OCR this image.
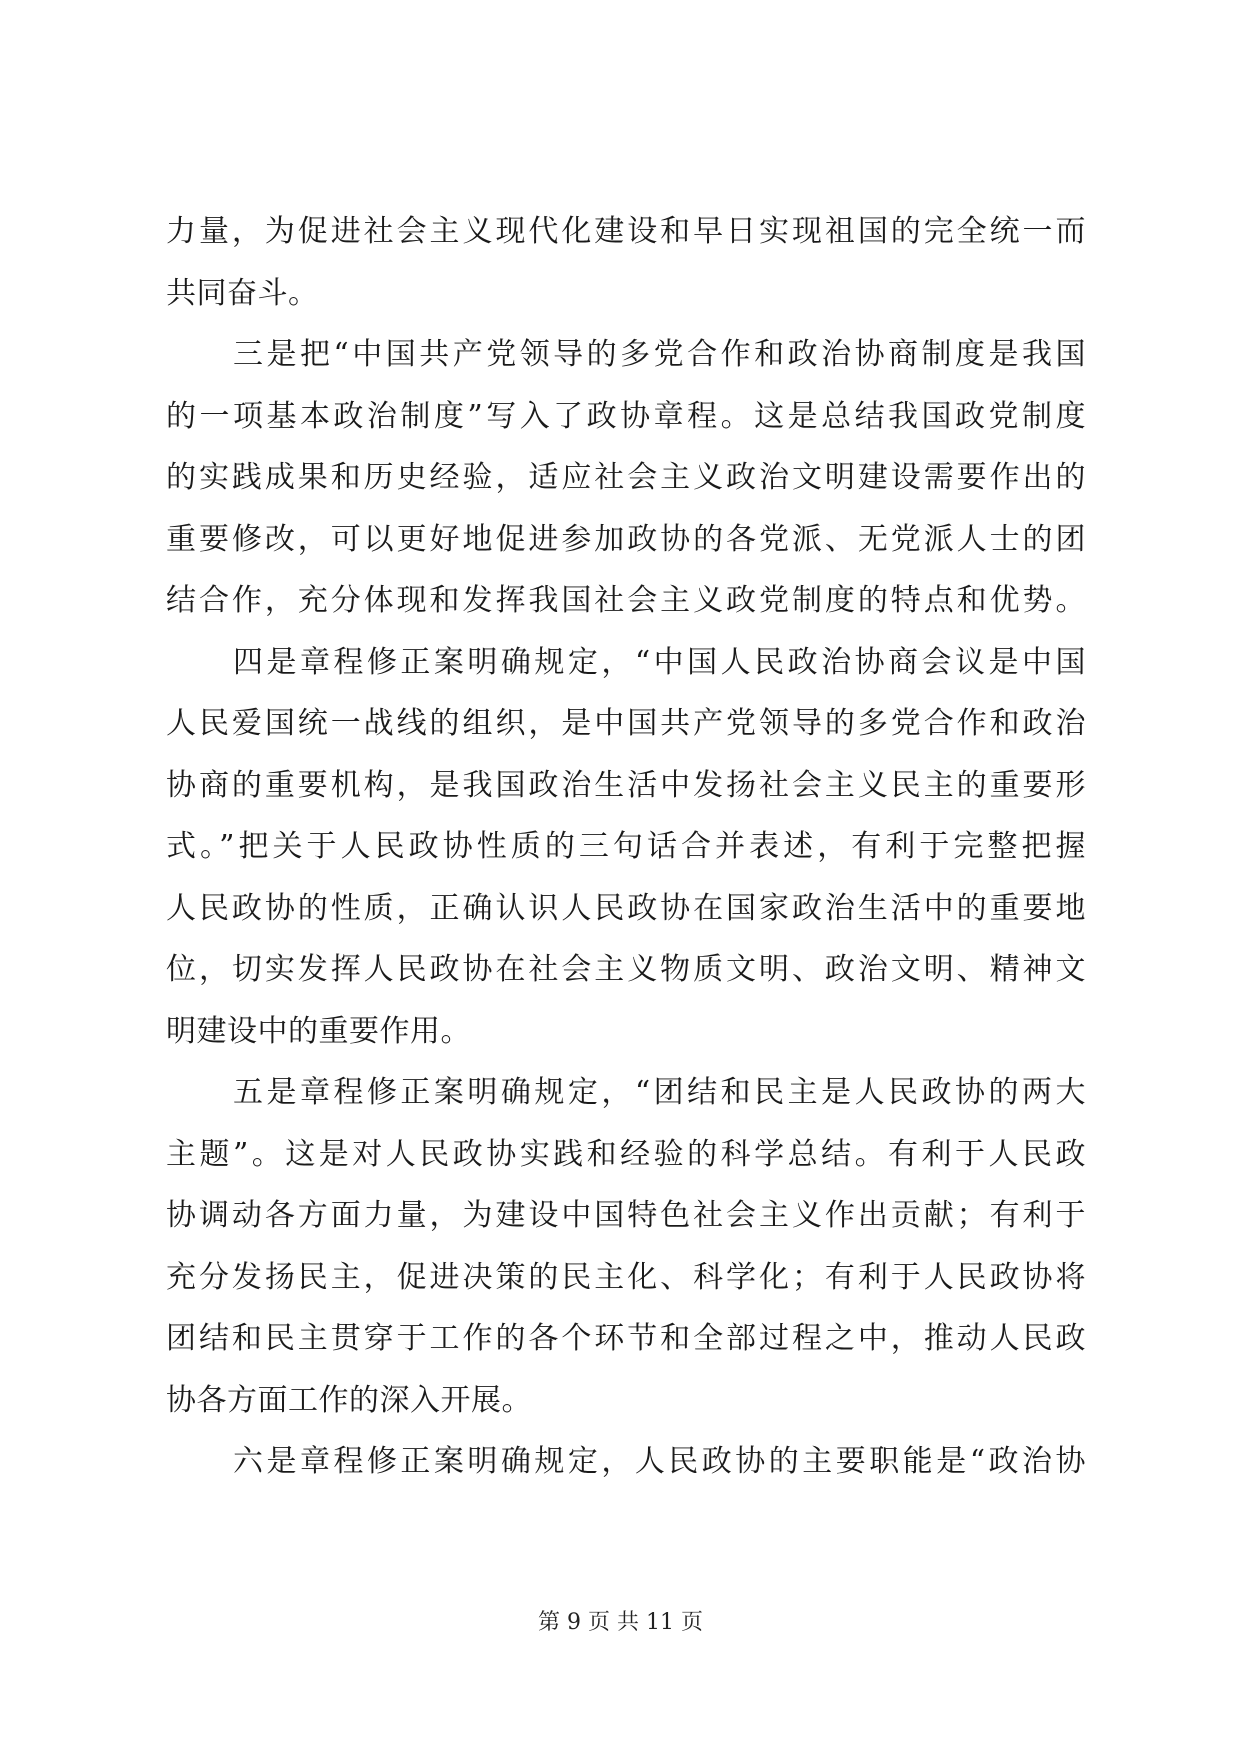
力量，为促进社会主义现代化建设和早日实现祖国的完全统一而
共同奋斗。
　　三是把“中国共产党领导的多党合作和政治协商制度是我国
的一项基本政治制度”写入了政协章程。这是总结我国政党制度
的实践成果和历史经验，适应社会主义政治文明建设需要作出的
重要修改，可以更好地促进参加政协的各党派、无党派人士的团
结合作，充分体现和发挥我国社会主义政党制度的特点和优势。
　　四是章程修正案明确规定，“中国人民政治协商会议是中国
人民爱国统一战线的组织，是中国共产党领导的多党合作和政治
协商的重要机构，是我国政治生活中发扬社会主义民主的重要形
式。”把关于人民政协性质的三句话合并表述，有利于完整把握
人民政协的性质，正确认识人民政协在国家政治生活中的重要地
位，切实发挥人民政协在社会主义物质文明、政治文明、精神文
明建设中的重要作用。
　　五是章程修正案明确规定，“团结和民主是人民政协的两大
主题”。这是对人民政协实践和经验的科学总结。有利于人民政
协调动各方面力量，为建设中国特色社会主义作出贡献；有利于
充分发扬民主，促进决策的民主化、科学化；有利于人民政协将
团结和民主贯穿于工作的各个环节和全部过程之中，推动人民政
协各方面工作的深入开展。
　　六是章程修正案明确规定，人民政协的主要职能是“政治协
第 9 页 共 11 页
